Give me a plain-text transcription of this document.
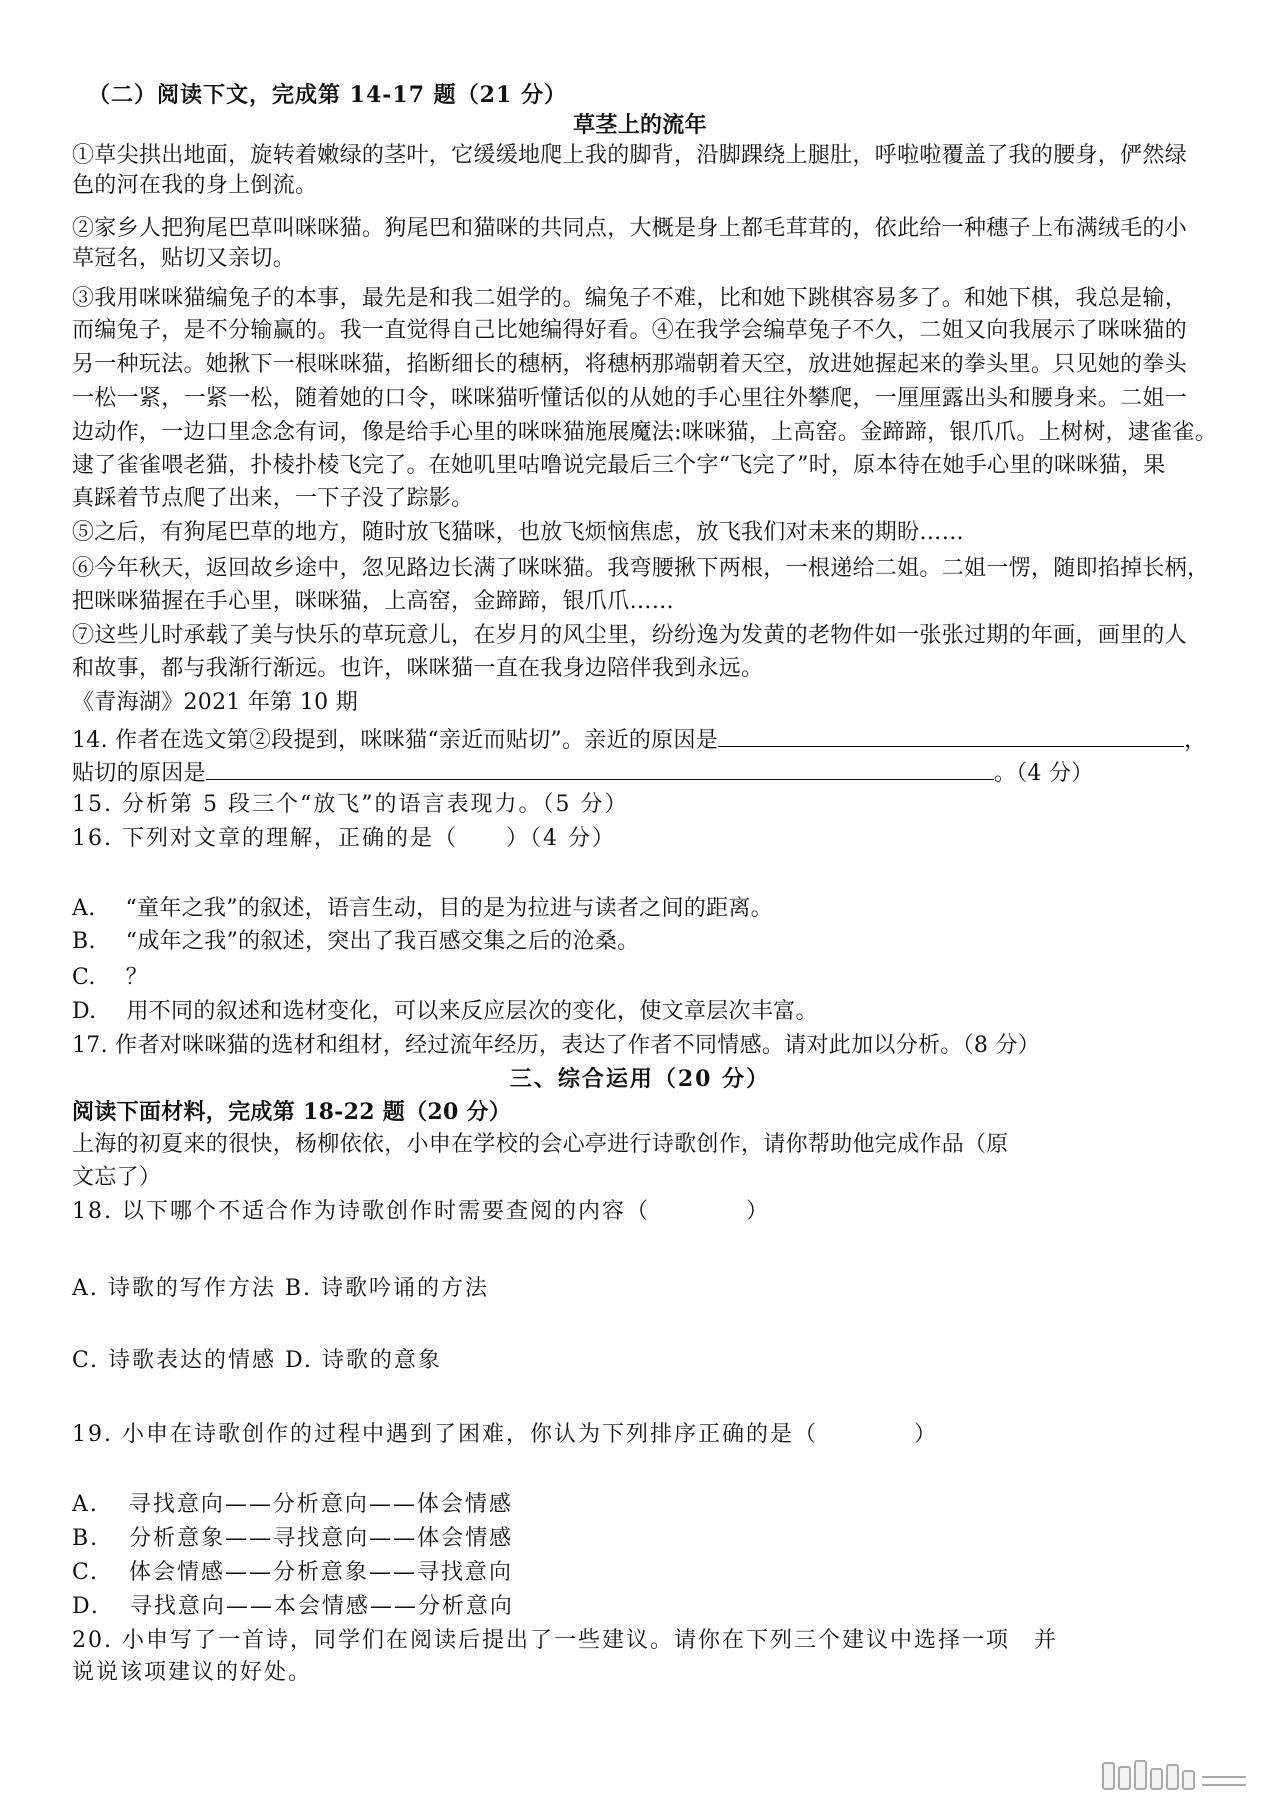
（二）阅读下文，完成第 14-17 题（21 分）
草茎上的流年
①草尖拱出地面，旋转着嫩绿的茎叶，它缓缓地爬上我的脚背，沿脚踝绕上腿肚，呼啦啦覆盖了我的腰身，俨然绿
色的河在我的身上倒流。
②家乡人把狗尾巴草叫咪咪猫。狗尾巴和猫咪的共同点，大概是身上都毛茸茸的，依此给一种穗子上布满绒毛的小
草冠名，贴切又亲切。
③我用咪咪猫编兔子的本事，最先是和我二姐学的。编兔子不难，比和她下跳棋容易多了。和她下棋，我总是输，
而编兔子，是不分输赢的。我一直觉得自己比她编得好看。④在我学会编草兔子不久，二姐又向我展示了咪咪猫的
另一种玩法。她揪下一根咪咪猫，掐断细长的穗柄，将穗柄那端朝着天空，放进她握起来的拳头里。只见她的拳头
一松一紧，一紧一松，随着她的口令，咪咪猫听懂话似的从她的手心里往外攀爬，一厘厘露出头和腰身来。二姐一
边动作，一边口里念念有词，像是给手心里的咪咪猫施展魔法:咪咪猫，上高窑。金蹄蹄，银爪爪。上树树，逮雀雀。
逮了雀雀喂老猫，扑棱扑棱飞完了。在她叽里咕噜说完最后三个字“飞完了”时，原本待在她手心里的咪咪猫，果
真踩着节点爬了出来，一下子没了踪影。
⑤之后，有狗尾巴草的地方，随时放飞猫咪，也放飞烦恼焦虑，放飞我们对未来的期盼……
⑥今年秋天，返回故乡途中，忽见路边长满了咪咪猫。我弯腰揪下两根，一根递给二姐。二姐一愣，随即掐掉长柄，
把咪咪猫握在手心里，咪咪猫，上高窑，金蹄蹄，银爪爪……
⑦这些儿时承载了美与快乐的草玩意儿，在岁月的风尘里，纷纷逸为发黄的老物件如一张张过期的年画，画里的人
和故事，都与我渐行渐远。也许，咪咪猫一直在我身边陪伴我到永远。
《青海湖》2021 年第 10 期
14. 作者在选文第②段提到，咪咪猫“亲近而贴切”。亲近的原因是	，
贴切的原因是	。（4 分）
15. 分析第 5 段三个“放飞”的语言表现力。（5 分）
16. 下列对文章的理解，正确的是（　　）（4 分）
A. “童年之我”的叙述，语言生动，目的是为拉进与读者之间的距离。
B. “成年之我”的叙述，突出了我百感交集之后的沧桑。
C. ？
D. 用不同的叙述和选材变化，可以来反应层次的变化，使文章层次丰富。
17. 作者对咪咪猫的选材和组材，经过流年经历，表达了作者不同情感。请对此加以分析。（8 分）
三、综合运用（20 分）
阅读下面材料，完成第 18-22 题（20 分）
上海的初夏来的很快，杨柳依依，小申在学校的会心亭进行诗歌创作，请你帮助他完成作品（原
文忘了）
18. 以下哪个不适合作为诗歌创作时需要查阅的内容（　　　　）
A. 诗歌的写作方法 B. 诗歌吟诵的方法
C. 诗歌表达的情感 D. 诗歌的意象
19. 小申在诗歌创作的过程中遇到了困难，你认为下列排序正确的是（　　　　）
A. 寻找意向——分析意向——体会情感
B. 分析意象——寻找意向——体会情感
C. 体会情感——分析意象——寻找意向
D. 寻找意向——本会情感——分析意向
20. 小申写了一首诗，同学们在阅读后提出了一些建议。请你在下列三个建议中选择一项　并
说说该项建议的好处。
